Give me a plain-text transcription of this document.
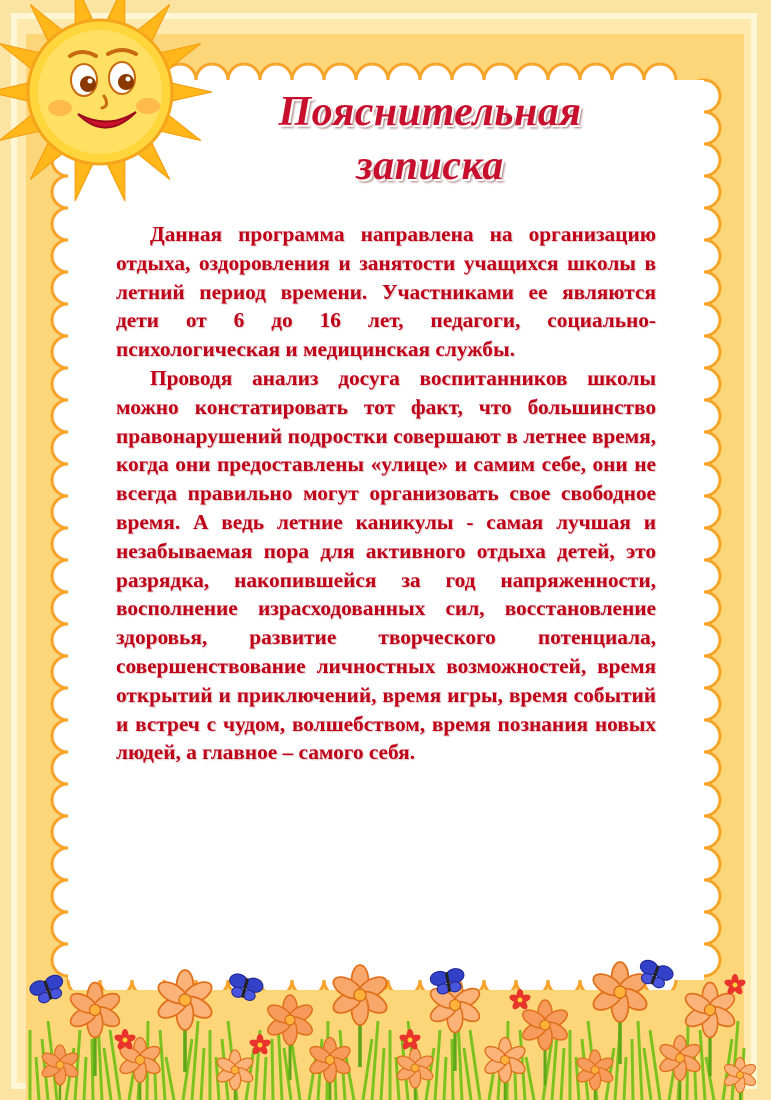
Пояснительная
записка

Данная программа направлена на организацию отдыха, оздоровления и занятости учащихся школы в летний период времени. Участниками ее являются дети от 6 до 16 лет, педагоги, социально-психологическая и медицинская службы.

Проводя анализ досуга воспитанников школы можно констатировать тот факт, что большинство правонарушений подростки совершают в летнее время, когда они предоставлены «улице» и самим себе, они не всегда правильно могут организовать свое свободное время. А ведь летние каникулы - самая лучшая и незабываемая пора для активного отдыха детей, это разрядка, накопившейся за год напряженности, восполнение израсходованных сил, восстановление здоровья, развитие творческого потенциала, совершенствование личностных возможностей, время открытий и приключений, время игры, время событий и встреч с чудом, волшебством, время познания новых людей, а главное – самого себя.
